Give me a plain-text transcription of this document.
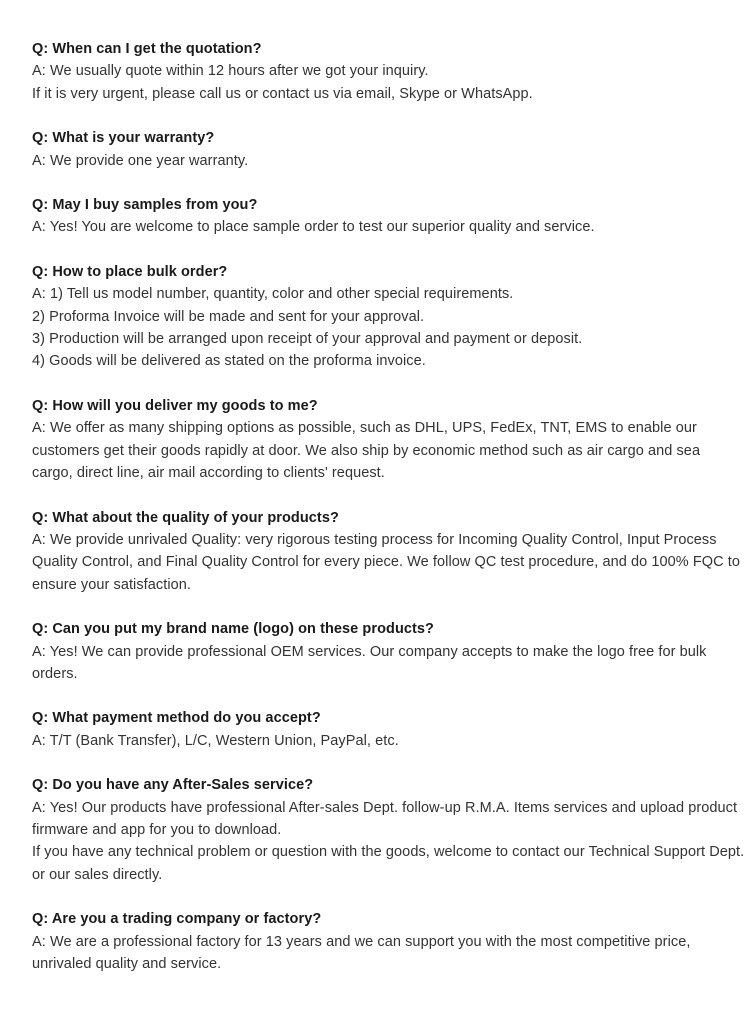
Q: When can I get the quotation?

A: We usually quote within 12 hours after we got your inquiry.

If it is very urgent, please call us or contact us via email, Skype or WhatsApp.

Q: What is your warranty?

A: We provide one year warranty.

Q: May I buy samples from you?

A: Yes! You are welcome to place sample order to test our superior quality and service.

Q: How to place bulk order?

A: 1) Tell us model number, quantity, color and other special requirements.

2) Proforma Invoice will be made and sent for your approval.

3) Production will be arranged upon receipt of your approval and payment or deposit.

4) Goods will be delivered as stated on the proforma invoice.

Q: How will you deliver my goods to me?

A: We offer as many shipping options as possible, such as DHL, UPS, FedEx, TNT, EMS to enable our customers get their goods rapidly at door. We also ship by economic method such as air cargo and sea cargo, direct line, air mail according to clients' request.

Q: What about the quality of your products?

A: We provide unrivaled Quality: very rigorous testing process for Incoming Quality Control, Input Process Quality Control, and Final Quality Control for every piece. We follow QC test procedure, and do 100% FQC to ensure your satisfaction.

Q: Can you put my brand name (logo) on these products?

A: Yes! We can provide professional OEM services. Our company accepts to make the logo free for bulk orders.

Q: What payment method do you accept?

A: T/T (Bank Transfer), L/C, Western Union, PayPal, etc.

Q: Do you have any After-Sales service?

A: Yes! Our products have professional After-sales Dept. follow-up R.M.A. Items services and upload product firmware and app for you to download.

If you have any technical problem or question with the goods, welcome to contact our Technical Support Dept. or our sales directly.

Q: Are you a trading company or factory?

A: We are a professional factory for 13 years and we can support you with the most competitive price, unrivaled quality and service.
